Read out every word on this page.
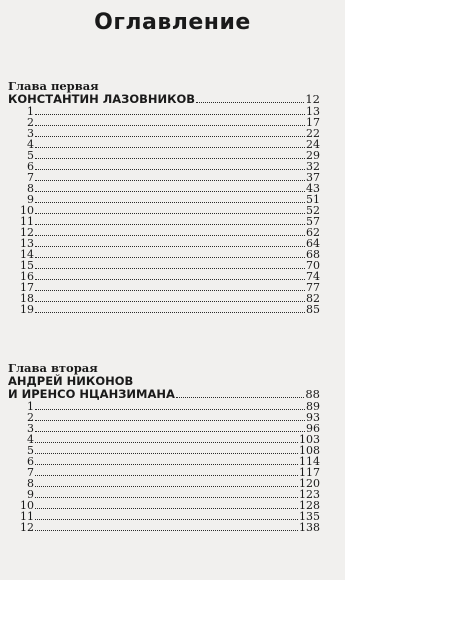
Оглавление
Глава первая
КОНСТАНТИН ЛАЗОВНИКОВ	12
1	13
2	17
3	22
4	24
5	29
6	32
7	37
8	43
9	51
10	52
11	57
12	62
13	64
14	68
15	70
16	74
17	77
18	82
19	85
Глава вторая
АНДРЕЙ НИКОНОВ
И ИРЕНСО НЦАНЗИМАНА	88
1	89
2	93
3	96
4	103
5	108
6	114
7	117
8	120
9	123
10	128
11	135
12	138
